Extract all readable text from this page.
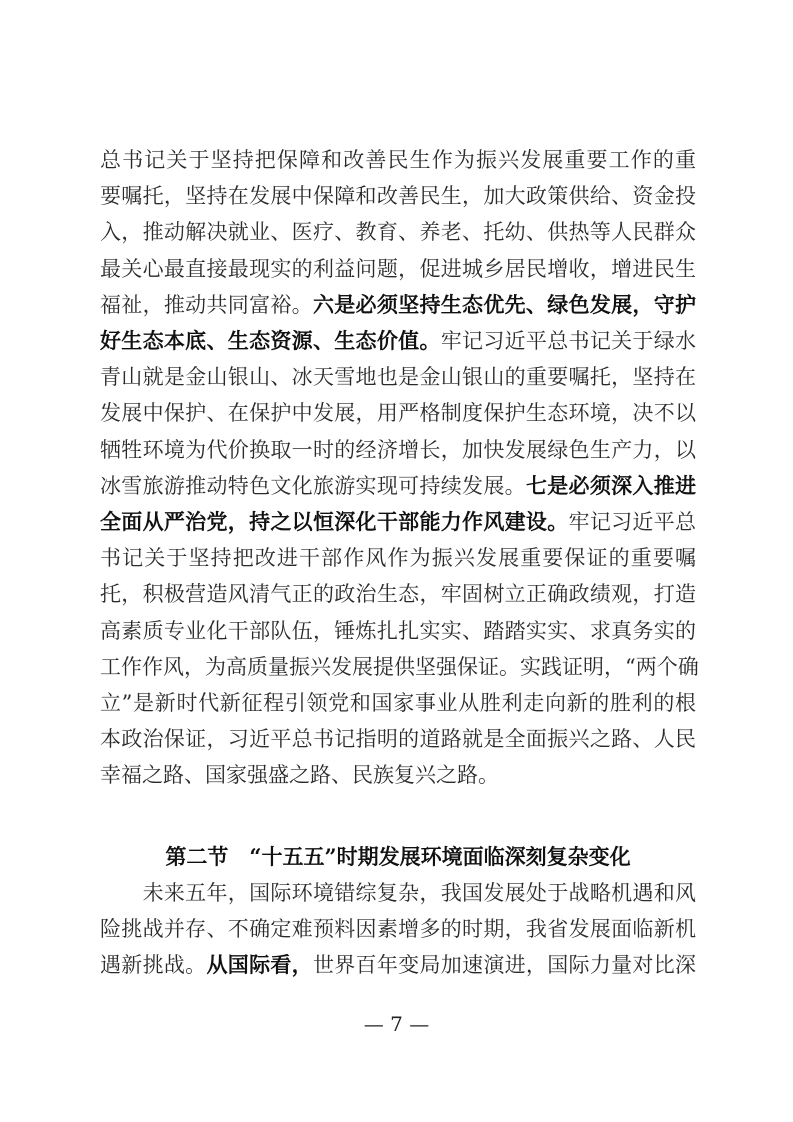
总书记关于坚持把保障和改善民生作为振兴发展重要工作的重
要嘱托，坚持在发展中保障和改善民生，加大政策供给、资金投
入，推动解决就业、医疗、教育、养老、托幼、供热等人民群众
最关心最直接最现实的利益问题，促进城乡居民增收，增进民生
福祉，推动共同富裕。六是必须坚持生态优先、绿色发展，守护
好生态本底、生态资源、生态价值。牢记习近平总书记关于绿水
青山就是金山银山、冰天雪地也是金山银山的重要嘱托，坚持在
发展中保护、在保护中发展，用严格制度保护生态环境，决不以
牺牲环境为代价换取一时的经济增长，加快发展绿色生产力，以
冰雪旅游推动特色文化旅游实现可持续发展。七是必须深入推进
全面从严治党，持之以恒深化干部能力作风建设。牢记习近平总
书记关于坚持把改进干部作风作为振兴发展重要保证的重要嘱
托，积极营造风清气正的政治生态，牢固树立正确政绩观，打造
高素质专业化干部队伍，锤炼扎扎实实、踏踏实实、求真务实的
工作作风，为高质量振兴发展提供坚强保证。实践证明，“两个确
立”是新时代新征程引领党和国家事业从胜利走向新的胜利的根
本政治保证，习近平总书记指明的道路就是全面振兴之路、人民
幸福之路、国家强盛之路、民族复兴之路。
第二节　“十五五”时期发展环境面临深刻复杂变化
　　未来五年，国际环境错综复杂，我国发展处于战略机遇和风
险挑战并存、不确定难预料因素增多的时期，我省发展面临新机
遇新挑战。从国际看，世界百年变局加速演进，国际力量对比深
— 7 —
